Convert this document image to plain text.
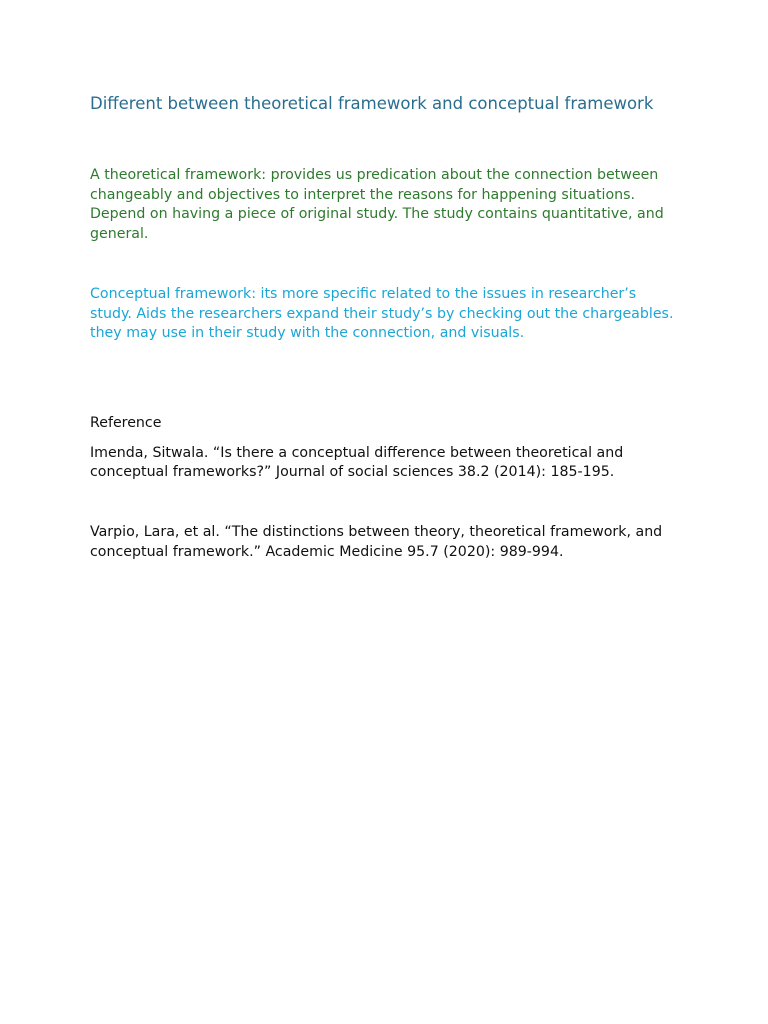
Different between theoretical framework and conceptual framework

A theoretical framework: provides us predication about the connection between changeably and objectives to interpret the reasons for happening situations. Depend on having a piece of original study. The study contains quantitative, and general.

Conceptual framework: its more specific related to the issues in researcher’s study. Aids the researchers expand their study’s by checking out the chargeables. they may use in their study with the connection, and visuals.

Reference

Imenda, Sitwala. “Is there a conceptual difference between theoretical and conceptual frameworks?” Journal of social sciences 38.2 (2014): 185-195.

Varpio, Lara, et al. “The distinctions between theory, theoretical framework, and conceptual framework.” Academic Medicine 95.7 (2020): 989-994.
